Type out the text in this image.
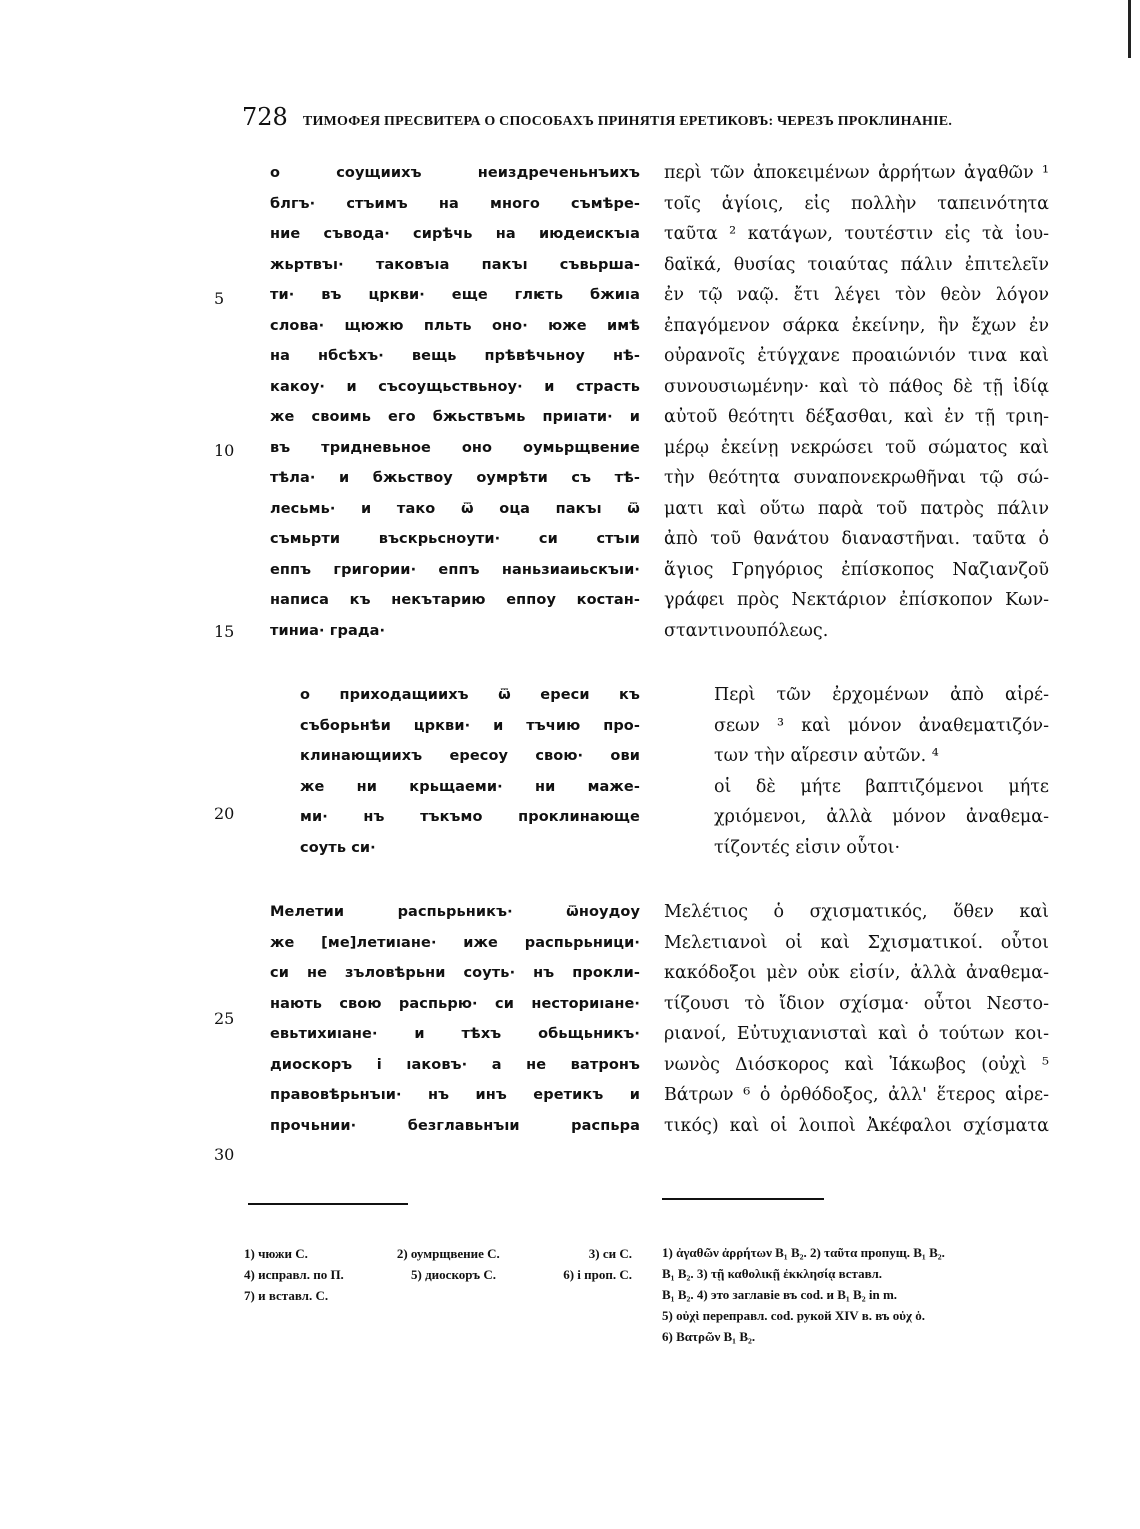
728 ТИМОФЕЯ ПРЕСВИТЕРА О СПОСОБАХЪ ПРИНЯТІЯ ЕРЕТИКОВЪ: ЧЕРЕЗЪ ПРОКЛИНАНІЕ.
5
10
15
20
25
30
о соущиихъ неиздреченьнъихъ
блгъ· стъимъ на много съмѣре-
ние съвода· сирѣчь на июдеискъıа
жьртвъı· таковъıа пакъı съвьрша-
ти· въ цркви· еще глѥть бжиıа
слова· щюжю пльть оно· юже имѣ
на нбсѣхъ· вещь прѣвѣчьноу нѣ-
какоу· и съсоущьствьноу· и страсть
же своимь его бжьствъмь приıати· и
въ тридневьное оно оумьрщвение
тѣла· и бжьствоу оумрѣти съ тѣ-
лесьмь· и тако ѿ оца пакъı ѿ
съмьрти въскрьсноути· си стъıи
еппъ григории· еппъ наньзиаиьскъıи·
написа къ некътарию еппоу костан-
тиниа· града·
о приходащиихъ ѿ ереси къ
съборьнѣи цркви· и тъчию про-
клинающиихъ ересоу свою· ови
же ни крьщаеми· ни маже-
ми· нъ тъкъмо проклинающе
соуть си·
Мелетии распьрьникъ· ѿноудоу
же [ме]летиıане· иже распьрьници·
си не зъловѣрьни соуть· нъ прокли-
нають свою распьрю· си несториıане·
евьтихиıане· и тѣхъ обьщьникъ·
диоскоръ і ıаковъ· а не ватронъ
правовѣрьнъıи· нъ инъ еретикъ и
прочьнии· безглавьнъıи распьра
περὶ τῶν ἀποκειμένων ἀρρήτων ἀγαθῶν ¹
τοῖς ἁγίοις, εἰς πολλὴν ταπεινότητα
ταῦτα ² κατάγων, τουτέστιν εἰς τὰ ἰου-
δαϊκά, θυσίας τοιαύτας πάλιν ἐπιτελεῖν
ἐν τῷ ναῷ. ἔτι λέγει τὸν θεὸν λόγον
ἐπαγόμενον σάρκα ἐκείνην, ἣν ἔχων ἐν
οὐρανοῖς ἐτύγχανε προαιώνιόν τινα καὶ
συνουσιωμένην· καὶ τὸ πάθος δὲ τῇ ἰδίᾳ
αὐτοῦ θεότητι δέξασθαι, καὶ ἐν τῇ τριη-
μέρῳ ἐκείνῃ νεκρώσει τοῦ σώματος καὶ
τὴν θεότητα συναπονεκρωθῆναι τῷ σώ-
ματι καὶ οὕτω παρὰ τοῦ πατρὸς πάλιν
ἀπὸ τοῦ θανάτου διαναστῆναι. ταῦτα ὁ
ἅγιος Γρηγόριος ἐπίσκοπος Ναζιανζοῦ
γράφει πρὸς Νεκτάριον ἐπίσκοπον Κων-
σταντινουπόλεως.
Περὶ τῶν ἐρχομένων ἀπὸ αἱρέ-
σεων ³ καὶ μόνον ἀναθεματιζόν-
των τὴν αἵρεσιν αὐτῶν. ⁴
οἱ δὲ μήτε βαπτιζόμενοι μήτε
χριόμενοι, ἀλλὰ μόνον ἀναθεμα-
τίζοντές εἰσιν οὗτοι·
Μελέτιος ὁ σχισματικός, ὅθεν καὶ
Μελετιανοὶ οἱ καὶ Σχισματικοί. οὗτοι
κακόδοξοι μὲν οὐκ εἰσίν, ἀλλὰ ἀναθεμα-
τίζουσι τὸ ἴδιον σχίσμα· οὗτοι Νεστο-
ριανοί, Εὐτυχιανισταὶ καὶ ὁ τούτων κοι-
νωνὸς Διόσκορος καὶ Ἰάκωβος (οὐχὶ ⁵
Βάτρων ⁶ ὁ ὀρθόδοξος, ἀλλ' ἕτερος αἱρε-
τικός) καὶ οἱ λοιποὶ Ἀκέφαλοι σχίσματα
1) чюжи С.	2) оумрщвение С.	3) си С.
4) исправл. по П.	5) диоскоръ С.	6) і проп. С.
7) и вставл. С.
1) ἀγαθῶν ἀρρήτων B₁ B₂. 2) ταῦτα пропущ. B₁ B₂.
B₁ B₂. 3) τῇ καθολικῇ ἐκκλησίᾳ вставл.
B₁ B₂. 4) это заглавіе въ cod. и B₁ B₂ in m.
5) οὐχὶ переправл. cod. рукой XIV в. въ οὐχ ὁ.
6) Βατρῶν B₁ B₂.
